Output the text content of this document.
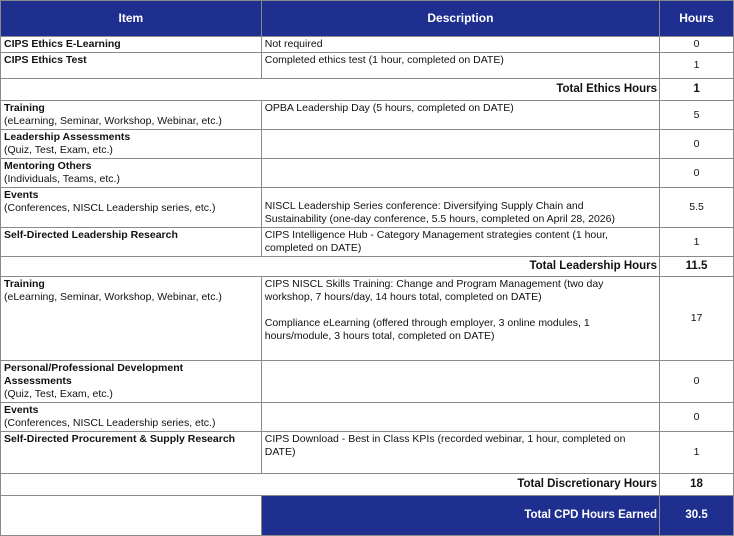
Item	Description	Hours

CIPS Ethics E-Learning	Not required	0

CIPS Ethics Test	Completed ethics test (1 hour, completed on DATE)	1
Total Ethics Hours		1

Training
(eLearning, Seminar, Workshop, Webinar, etc.)	OPBA Leadership Day (5 hours, completed on DATE)	5

Leadership Assessments
(Quiz, Test, Exam, etc.)		0

Mentoring Others
(Individuals, Teams, etc.)		0

Events
(Conferences, NISCL Leadership series, etc.)	NISCL Leadership Series conference: Diversifying Supply Chain and
Sustainability (one-day conference, 5.5 hours, completed on April 28, 2026)	5.5

Self-Directed Leadership Research	CIPS Intelligence Hub - Category Management strategies content (1 hour,
completed on DATE)	1
Total Leadership Hours		11.5

Training
(eLearning, Seminar, Workshop, Webinar, etc.)	CIPS NISCL Skills Training: Change and Program Management (two day
workshop, 7 hours/day, 14 hours total, completed on DATE)
Compliance eLearning (offered through employer, 3 online modules, 1
hours/module, 3 hours total, completed on DATE)	17

Personal/Professional Development
Assessments
(Quiz, Test, Exam, etc.)		0

Events
(Conferences, NISCL Leadership series, etc.)		0

Self-Directed Procurement & Supply Research	CIPS Download - Best in Class KPIs (recorded webinar, 1 hour, completed on
DATE)	1
Total Discretionary Hours		18
	Total CPD Hours Earned	30.5
